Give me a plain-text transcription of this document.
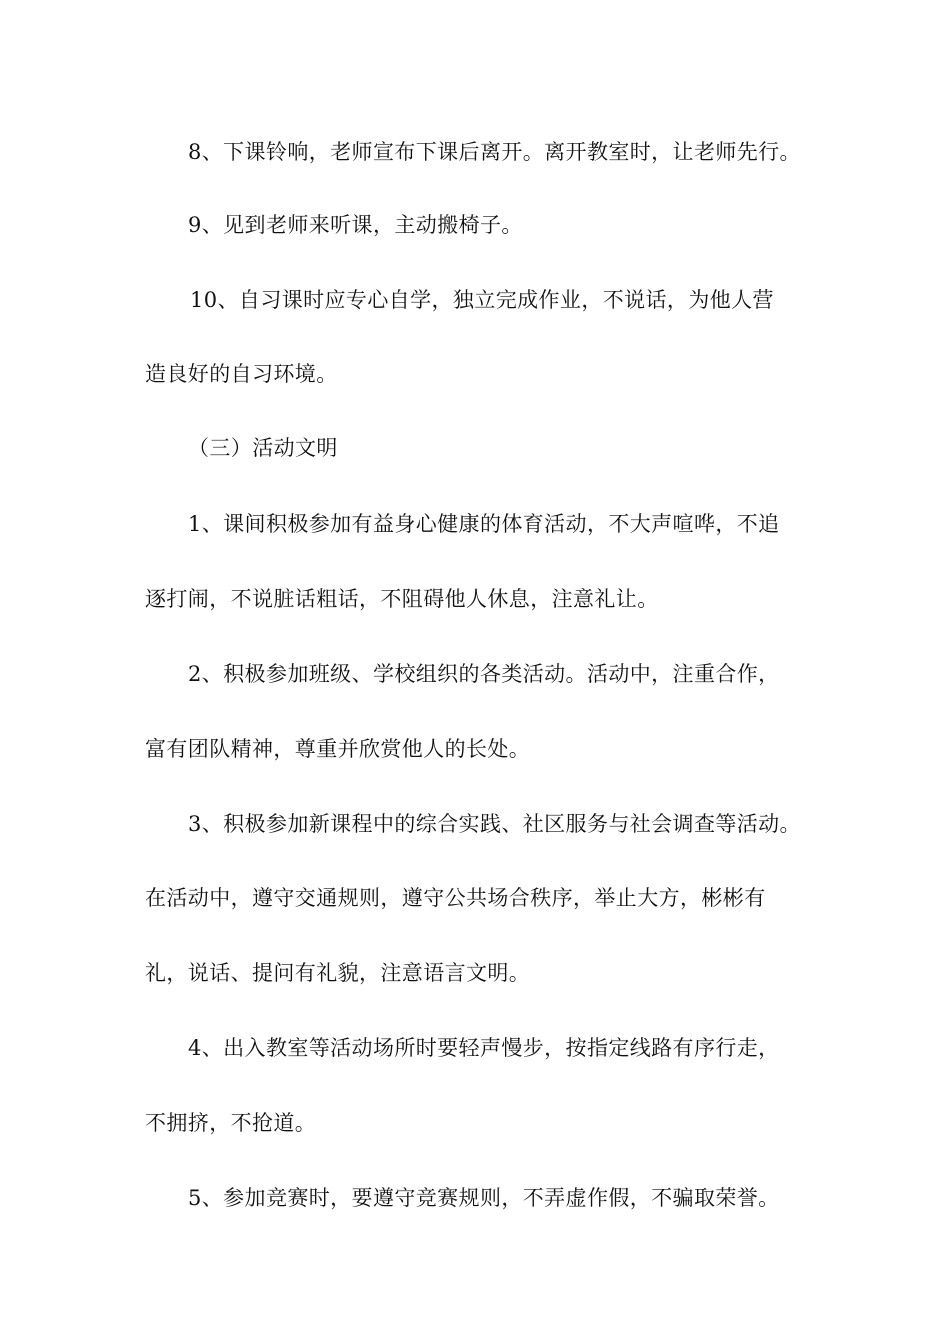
8、下课铃响，老师宣布下课后离开。离开教室时，让老师先行。
9、见到老师来听课，主动搬椅子。
10、自习课时应专心自学，独立完成作业，不说话，为他人营
造良好的自习环境。
（三）活动文明
1、课间积极参加有益身心健康的体育活动，不大声喧哗，不追
逐打闹，不说脏话粗话，不阻碍他人休息，注意礼让。
2、积极参加班级、学校组织的各类活动。活动中，注重合作，
富有团队精神，尊重并欣赏他人的长处。
3、积极参加新课程中的综合实践、社区服务与社会调查等活动。
在活动中，遵守交通规则，遵守公共场合秩序，举止大方，彬彬有
礼，说话、提问有礼貌，注意语言文明。
4、出入教室等活动场所时要轻声慢步，按指定线路有序行走，
不拥挤，不抢道。
5、参加竞赛时，要遵守竞赛规则，不弄虚作假，不骗取荣誉。
